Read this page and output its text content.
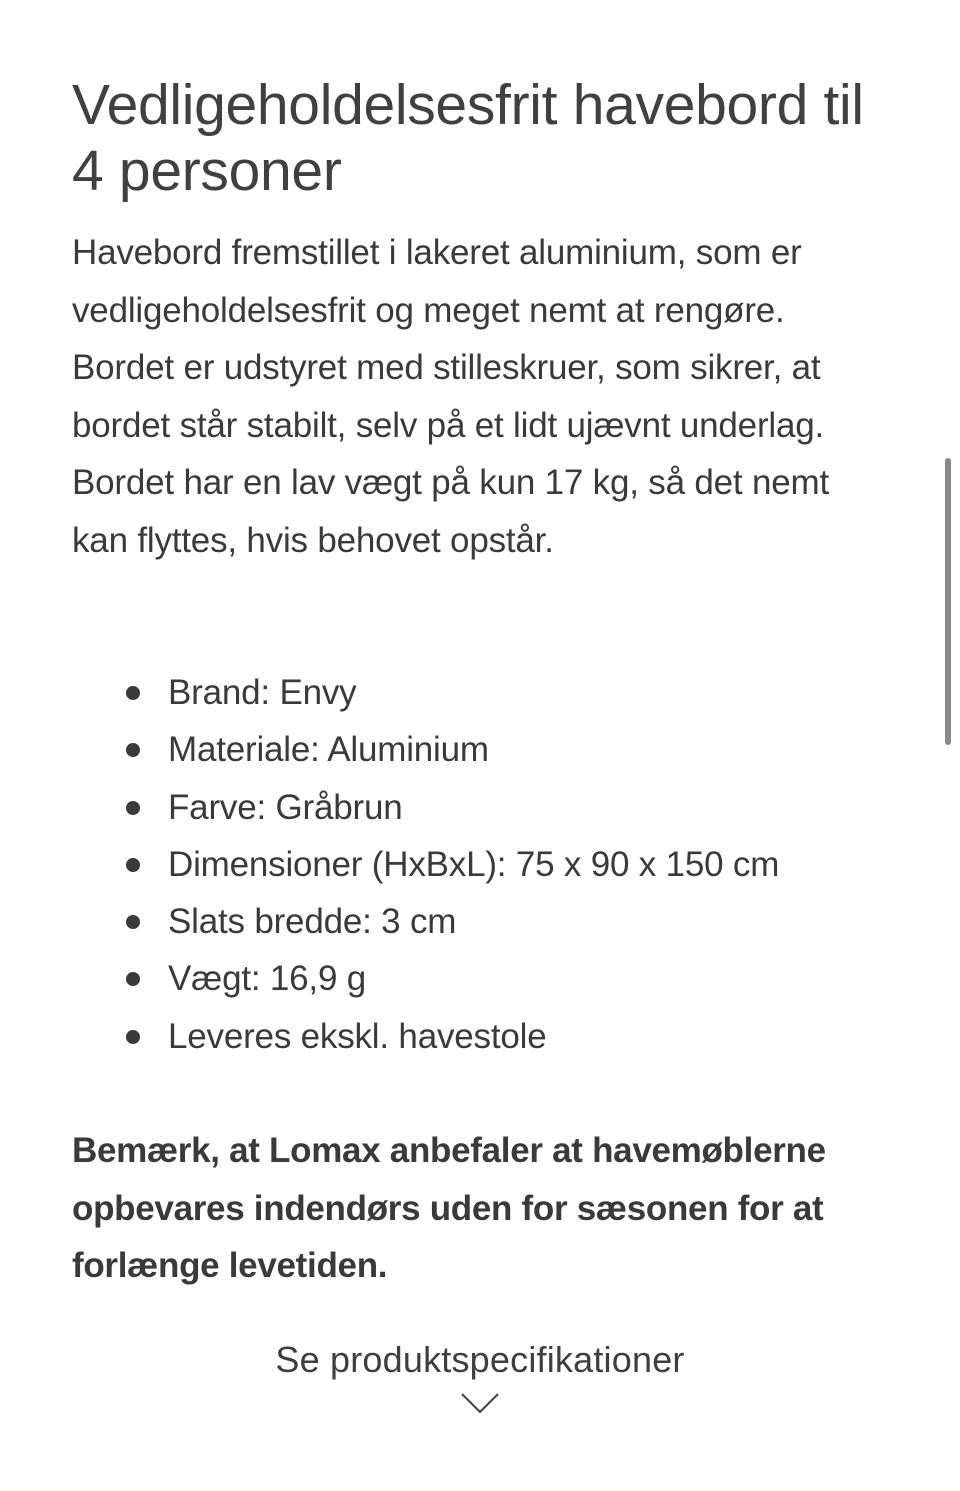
Vedligeholdelsesfrit havebord til 4 personer

Havebord fremstillet i lakeret aluminium, som er vedligeholdelsesfrit og meget nemt at rengøre. Bordet er udstyret med stilleskruer, som sikrer, at bordet står stabilt, selv på et lidt ujævnt underlag.

Bordet har en lav vægt på kun 17 kg, så det nemt kan flyttes, hvis behovet opstår.

Brand: Envy
Materiale: Aluminium
Farve: Gråbrun
Dimensioner (HxBxL): 75 x 90 x 150 cm
Slats bredde: 3 cm
Vægt: 16,9 g
Leveres ekskl. havestole

Bemærk, at Lomax anbefaler at havemøblerne opbevares indendørs uden for sæsonen for at forlænge levetiden.

Se produktspecifikationer
